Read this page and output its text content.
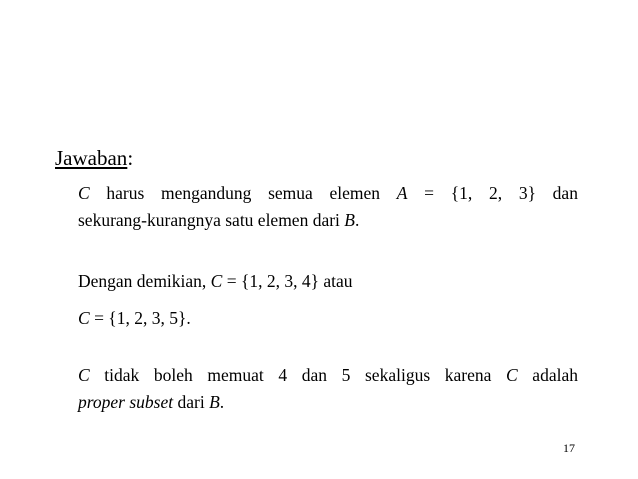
Jawaban:
C harus mengandung semua elemen A = {1, 2, 3} dan
sekurang-kurangnya satu elemen dari B.
Dengan demikian, C = {1, 2, 3, 4} atau
C = {1, 2, 3, 5}.
C tidak boleh memuat 4 dan 5 sekaligus karena C adalah
proper subset dari B.
17
